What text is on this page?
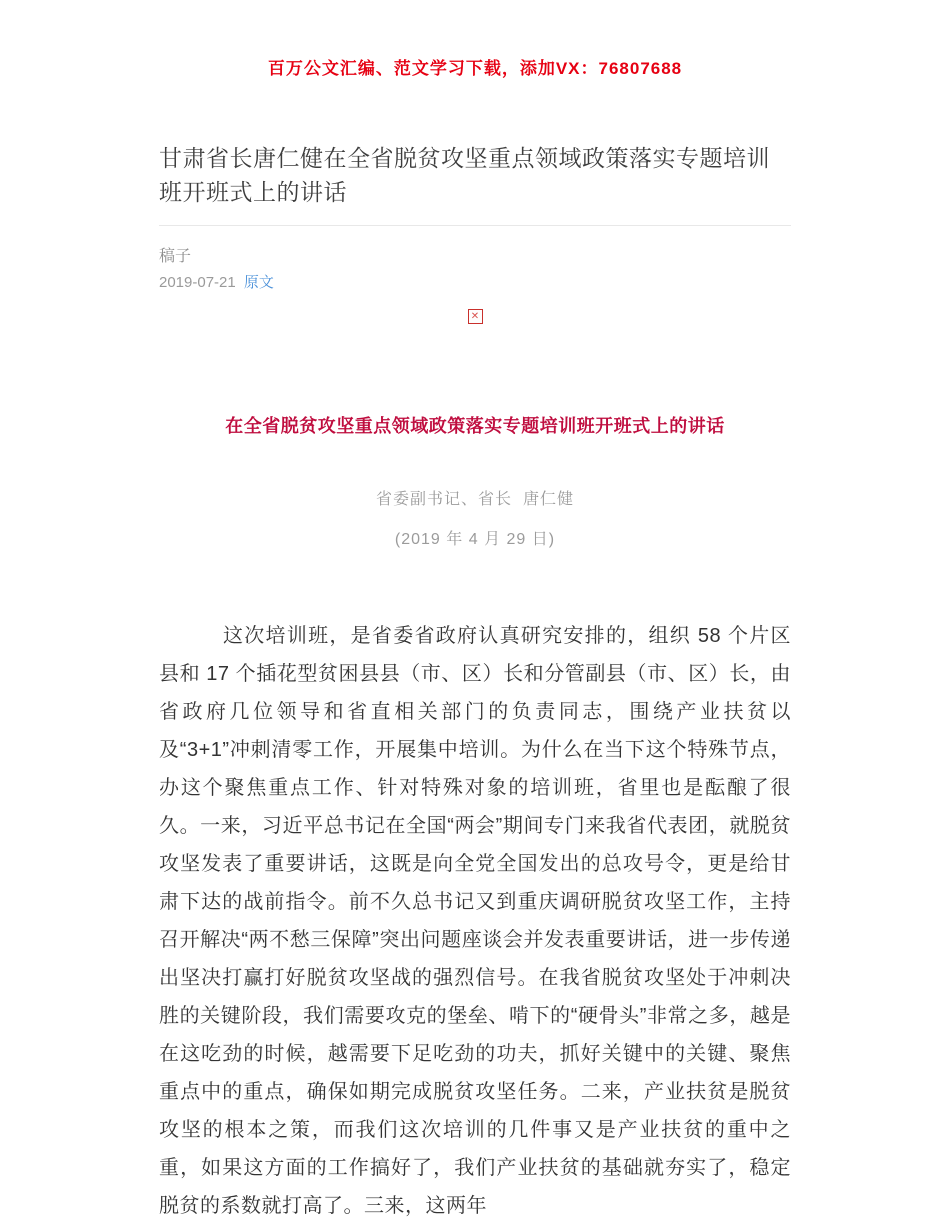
百万公文汇编、范文学习下载，添加VX：76807688
甘肃省长唐仁健在全省脱贫攻坚重点领域政策落实专题培训班开班式上的讲话
稿子
2019-07-21 原文
✕
在全省脱贫攻坚重点领域政策落实专题培训班开班式上的讲话
省委副书记、省长  唐仁健
(2019 年 4 月 29 日)

这次培训班，是省委省政府认真研究安排的，组织 58 个片区县和 17 个插花型贫困县县（市、区）长和分管副县（市、区）长，由省政府几位领导和省直相关部门的负责同志，围绕产业扶贫以及“3+1”冲刺清零工作，开展集中培训。为什么在当下这个特殊节点，办这个聚焦重点工作、针对特殊对象的培训班，省里也是酝酿了很久。一来，习近平总书记在全国“两会”期间专门来我省代表团，就脱贫攻坚发表了重要讲话，这既是向全党全国发出的总攻号令，更是给甘肃下达的战前指令。前不久总书记又到重庆调研脱贫攻坚工作，主持召开解决“两不愁三保障”突出问题座谈会并发表重要讲话，进一步传递出坚决打赢打好脱贫攻坚战的强烈信号。在我省脱贫攻坚处于冲刺决胜的关键阶段，我们需要攻克的堡垒、啃下的“硬骨头”非常之多，越是在这吃劲的时候，越需要下足吃劲的功夫，抓好关键中的关键、聚焦重点中的重点，确保如期完成脱贫攻坚任务。二来，产业扶贫是脱贫攻坚的根本之策，而我们这次培训的几件事又是产业扶贫的重中之重，如果这方面的工作搞好了，我们产业扶贫的基础就夯实了，稳定脱贫的系数就打高了。三来，这两年
